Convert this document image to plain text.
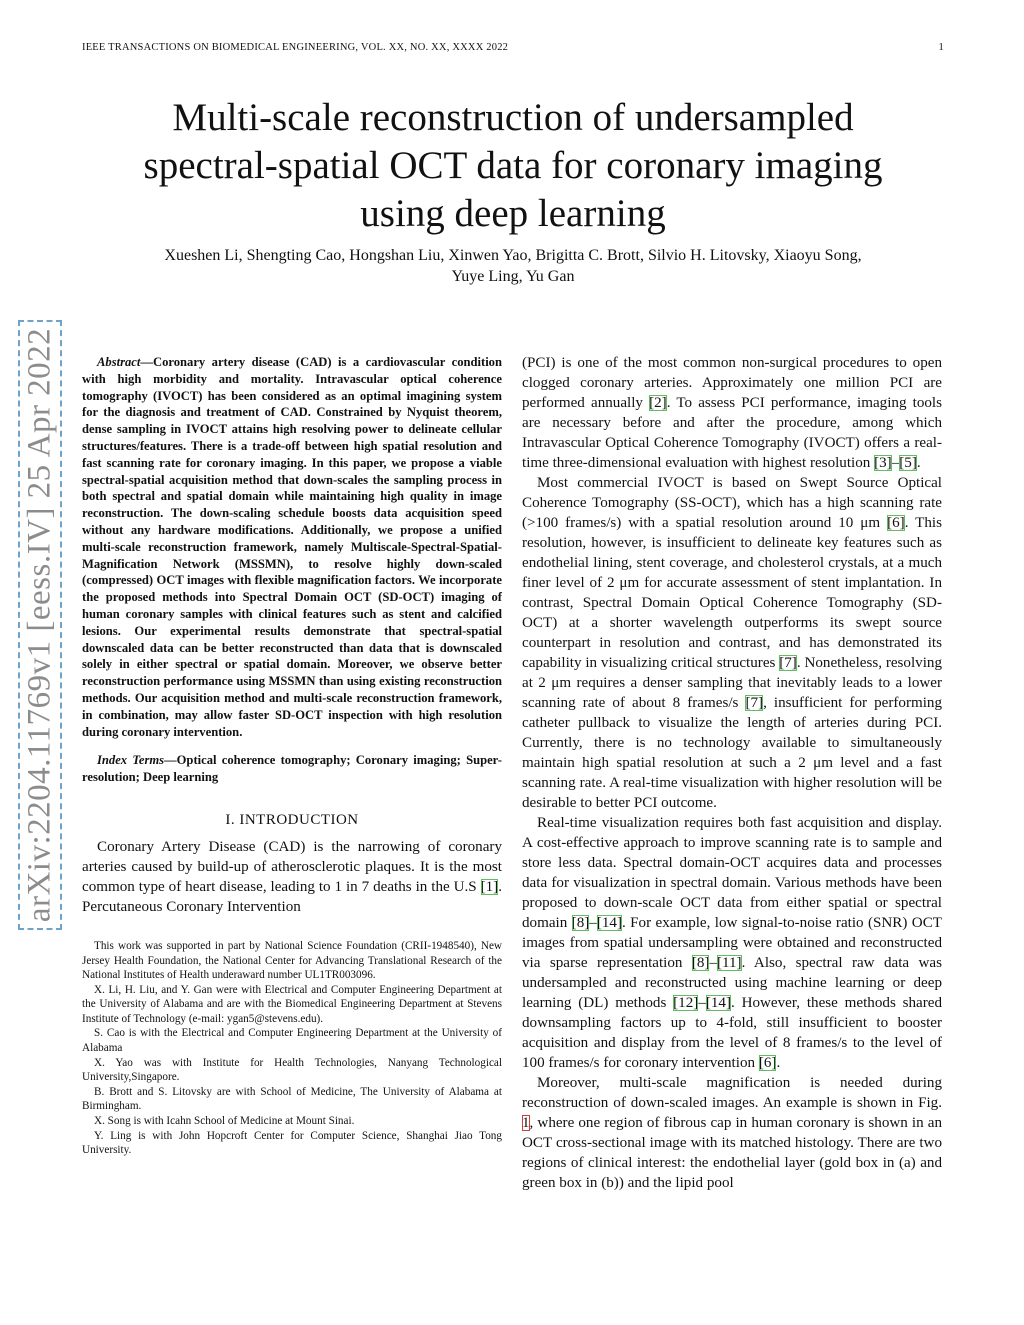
IEEE TRANSACTIONS ON BIOMEDICAL ENGINEERING, VOL. XX, NO. XX, XXXX 2022	1
Multi-scale reconstruction of undersampled
spectral-spatial OCT data for coronary imaging
using deep learning
Xueshen Li, Shengting Cao, Hongshan Liu, Xinwen Yao, Brigitta C. Brott, Silvio H. Litovsky, Xiaoyu Song,
Yuye Ling, Yu Gan
arXiv:2204.11769v1 [eess.IV] 25 Apr 2022	Abstract—Coronary artery disease (CAD) is a cardiovascular condition with high morbidity and mortality. Intravascular optical coherence tomography (IVOCT) has been considered as an optimal imagining system for the diagnosis and treatment of CAD. Constrained by Nyquist theorem, dense sampling in IVOCT attains high resolving power to delineate cellular structures/features. There is a trade-off between high spatial resolution and fast scanning rate for coronary imaging. In this paper, we propose a viable spectral-spatial acquisition method that down-scales the sampling process in both spectral and spatial domain while maintaining high quality in image reconstruction. The down-scaling schedule boosts data acquisition speed without any hardware modifications. Additionally, we propose a unified multi-scale reconstruction framework, namely Multiscale-Spectral-Spatial-Magnification Network (MSSMN), to resolve highly down-scaled (compressed) OCT images with flexible magnification factors. We incorporate the proposed methods into Spectral Domain OCT (SD-OCT) imaging of human coronary samples with clinical features such as stent and calcified lesions. Our experimental results demonstrate that spectral-spatial downscaled data can be better reconstructed than data that is downscaled solely in either spectral or spatial domain. Moreover, we observe better reconstruction performance using MSSMN than using existing reconstruction methods. Our acquisition method and multi-scale reconstruction framework, in combination, may allow faster SD-OCT inspection with high resolution during coronary intervention.

Index Terms—Optical coherence tomography; Coronary imaging; Super-resolution; Deep learning

I. INTRODUCTION

Coronary Artery Disease (CAD) is the narrowing of coronary arteries caused by build-up of atherosclerotic plaques. It is the most common type of heart disease, leading to 1 in 7 deaths in the U.S [1]. Percutaneous Coronary Intervention

This work was supported in part by National Science Foundation (CRII-1948540), New Jersey Health Foundation, the National Center for Advancing Translational Research of the National Institutes of Health underaward number UL1TR003096.

X. Li, H. Liu, and Y. Gan were with Electrical and Computer Engineering Department at the University of Alabama and are with the Biomedical Engineering Department at Stevens Institute of Technology (e-mail: ygan5@stevens.edu).

S. Cao is with the Electrical and Computer Engineering Department at the University of Alabama

X. Yao was with Institute for Health Technologies, Nanyang Technological University,Singapore.

B. Brott and S. Litovsky are with School of Medicine, The University of Alabama at Birmingham.

X. Song is with Icahn School of Medicine at Mount Sinai.

Y. Ling is with John Hopcroft Center for Computer Science, Shanghai Jiao Tong University.

(PCI) is one of the most common non-surgical procedures to open clogged coronary arteries. Approximately one million PCI are performed annually [2]. To assess PCI performance, imaging tools are necessary before and after the procedure, among which Intravascular Optical Coherence Tomography (IVOCT) offers a real-time three-dimensional evaluation with highest resolution [3]–[5].

Most commercial IVOCT is based on Swept Source Optical Coherence Tomography (SS-OCT), which has a high scanning rate (>100 frames/s) with a spatial resolution around 10 μm [6]. This resolution, however, is insufficient to delineate key features such as endothelial lining, stent coverage, and cholesterol crystals, at a much finer level of 2 μm for accurate assessment of stent implantation. In contrast, Spectral Domain Optical Coherence Tomography (SD-OCT) at a shorter wavelength outperforms its swept source counterpart in resolution and contrast, and has demonstrated its capability in visualizing critical structures [7]. Nonetheless, resolving at 2 μm requires a denser sampling that inevitably leads to a lower scanning rate of about 8 frames/s [7], insufficient for performing catheter pullback to visualize the length of arteries during PCI. Currently, there is no technology available to simultaneously maintain high spatial resolution at such a 2 μm level and a fast scanning rate. A real-time visualization with higher resolution will be desirable to better PCI outcome.

Real-time visualization requires both fast acquisition and display. A cost-effective approach to improve scanning rate is to sample and store less data. Spectral domain-OCT acquires data and processes data for visualization in spectral domain. Various methods have been proposed to down-scale OCT data from either spatial or spectral domain [8]–[14]. For example, low signal-to-noise ratio (SNR) OCT images from spatial undersampling were obtained and reconstructed via sparse representation [8]–[11]. Also, spectral raw data was undersampled and reconstructed using machine learning or deep learning (DL) methods [12]–[14]. However, these methods shared downsampling factors up to 4-fold, still insufficient to booster acquisition and display from the level of 8 frames/s to the level of 100 frames/s for coronary intervention [6].

Moreover, multi-scale magnification is needed during reconstruction of down-scaled images. An example is shown in Fig. 1, where one region of fibrous cap in human coronary is shown in an OCT cross-sectional image with its matched histology. There are two regions of clinical interest: the endothelial layer (gold box in (a) and green box in (b)) and the lipid pool
